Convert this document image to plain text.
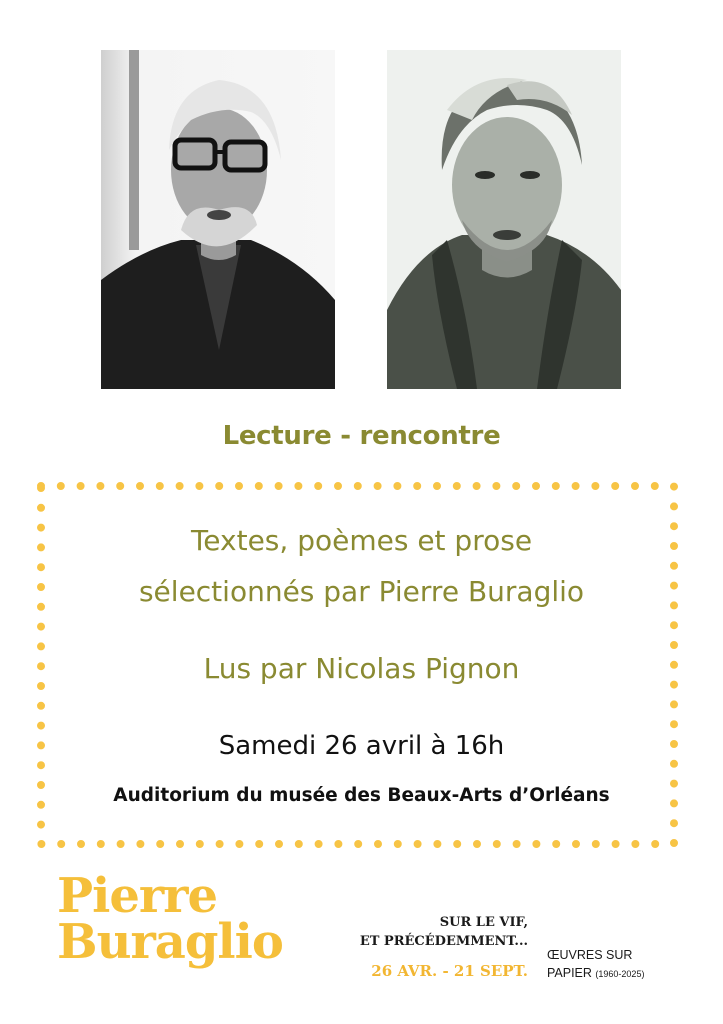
Lecture - rencontre
Textes, poèmes et prose
sélectionnés par Pierre Buraglio
Lus par Nicolas Pignon
Samedi 26 avril à 16h
Auditorium du musée des Beaux-Arts d’Orléans
Pierre
Buraglio	SUR LE VIF,
ET PRÉCÉDEMMENT...
26 AVR. - 21 SEPT.
ŒUVRES SUR
PAPIER (1960-2025)
